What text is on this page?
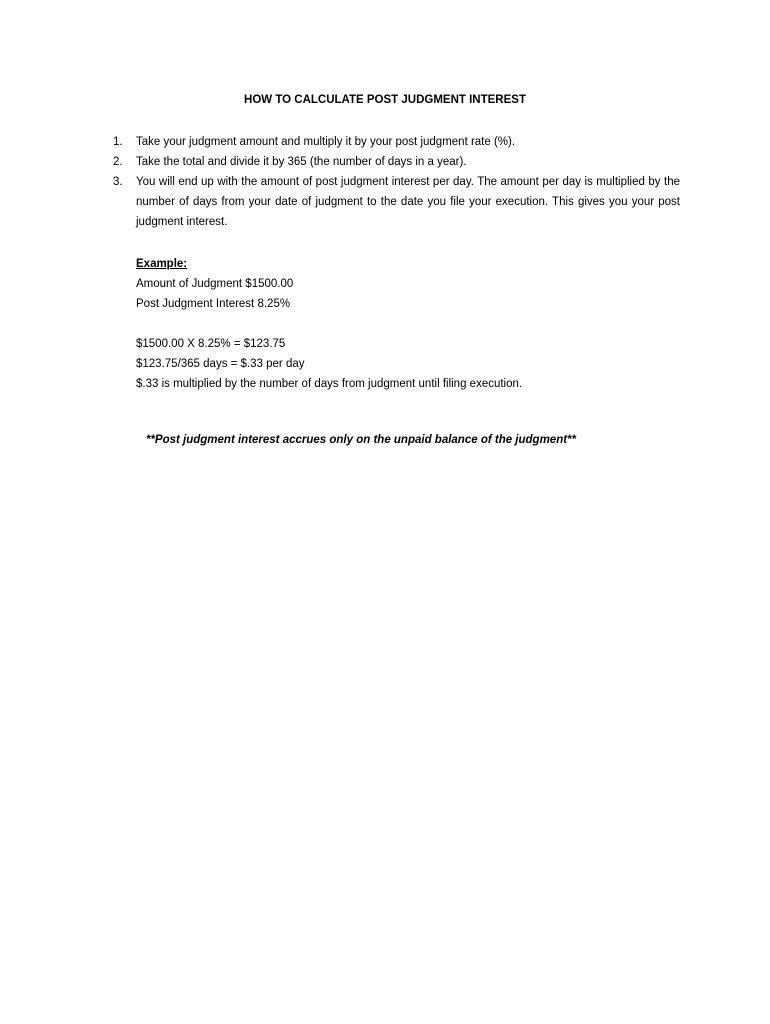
HOW TO CALCULATE POST JUDGMENT INTEREST
1. Take your judgment amount and multiply it by your post judgment rate (%).
2. Take the total and divide it by 365 (the number of days in a year).
3. You will end up with the amount of post judgment interest per day. The amount per day is multiplied by the number of days from your date of judgment to the date you file your execution. This gives you your post judgment interest.
Example:
Amount of Judgment $1500.00
Post Judgment Interest 8.25%
$1500.00 X 8.25% = $123.75
$123.75/365 days = $.33 per day
$.33 is multiplied by the number of days from judgment until filing execution.
**Post judgment interest accrues only on the unpaid balance of the judgment**
